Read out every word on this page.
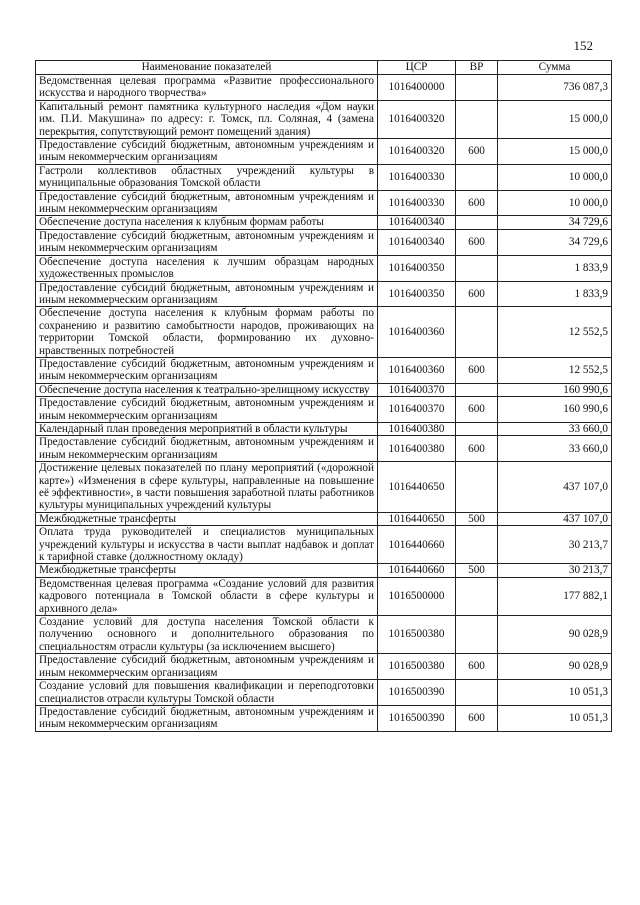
152
Наименование показателей	ЦСР	ВР	Сумма
Ведомственная целевая программа «Развитие профессионального искусства и народного творчества»	1016400000		736 087,3
Капитальный ремонт памятника культурного наследия «Дом науки им. П.И. Макушина» по адресу: г. Томск, пл. Соляная, 4 (замена перекрытия, сопутствующий ремонт помещений здания)	1016400320		15 000,0
Предоставление субсидий бюджетным, автономным учреждениям и иным некоммерческим организациям	1016400320	600	15 000,0
Гастроли коллективов областных учреждений культуры в муниципальные образования Томской области	1016400330		10 000,0
Предоставление субсидий бюджетным, автономным учреждениям и иным некоммерческим организациям	1016400330	600	10 000,0
Обеспечение доступа населения к клубным формам работы	1016400340		34 729,6
Предоставление субсидий бюджетным, автономным учреждениям и иным некоммерческим организациям	1016400340	600	34 729,6
Обеспечение доступа населения к лучшим образцам народных художественных промыслов	1016400350		1 833,9
Предоставление субсидий бюджетным, автономным учреждениям и иным некоммерческим организациям	1016400350	600	1 833,9
Обеспечение доступа населения к клубным формам работы по сохранению и развитию самобытности народов, проживающих на территории Томской области, формированию их духовно-нравственных потребностей	1016400360		12 552,5
Предоставление субсидий бюджетным, автономным учреждениям и иным некоммерческим организациям	1016400360	600	12 552,5
Обеспечение доступа населения к театрально-зрелищному искусству	1016400370		160 990,6
Предоставление субсидий бюджетным, автономным учреждениям и иным некоммерческим организациям	1016400370	600	160 990,6
Календарный план проведения мероприятий в области культуры	1016400380		33 660,0
Предоставление субсидий бюджетным, автономным учреждениям и иным некоммерческим организациям	1016400380	600	33 660,0
Достижение целевых показателей по плану мероприятий («дорожной карте») «Изменения в сфере культуры, направленные на повышение её эффективности», в части повышения заработной платы работников культуры муниципальных учреждений культуры	1016440650		437 107,0
Межбюджетные трансферты	1016440650	500	437 107,0
Оплата труда руководителей и специалистов муниципальных учреждений культуры и искусства в части выплат надбавок и доплат к тарифной ставке (должностному окладу)	1016440660		30 213,7
Межбюджетные трансферты	1016440660	500	30 213,7
Ведомственная целевая программа «Создание условий для развития кадрового потенциала в Томской области в сфере культуры и архивного дела»	1016500000		177 882,1
Создание условий для доступа населения Томской области к получению основного и дополнительного образования по специальностям отрасли культуры (за исключением высшего)	1016500380		90 028,9
Предоставление субсидий бюджетным, автономным учреждениям и иным некоммерческим организациям	1016500380	600	90 028,9
Создание условий для повышения квалификации и переподготовки специалистов отрасли культуры Томской области	1016500390		10 051,3
Предоставление субсидий бюджетным, автономным учреждениям и иным некоммерческим организациям	1016500390	600	10 051,3
